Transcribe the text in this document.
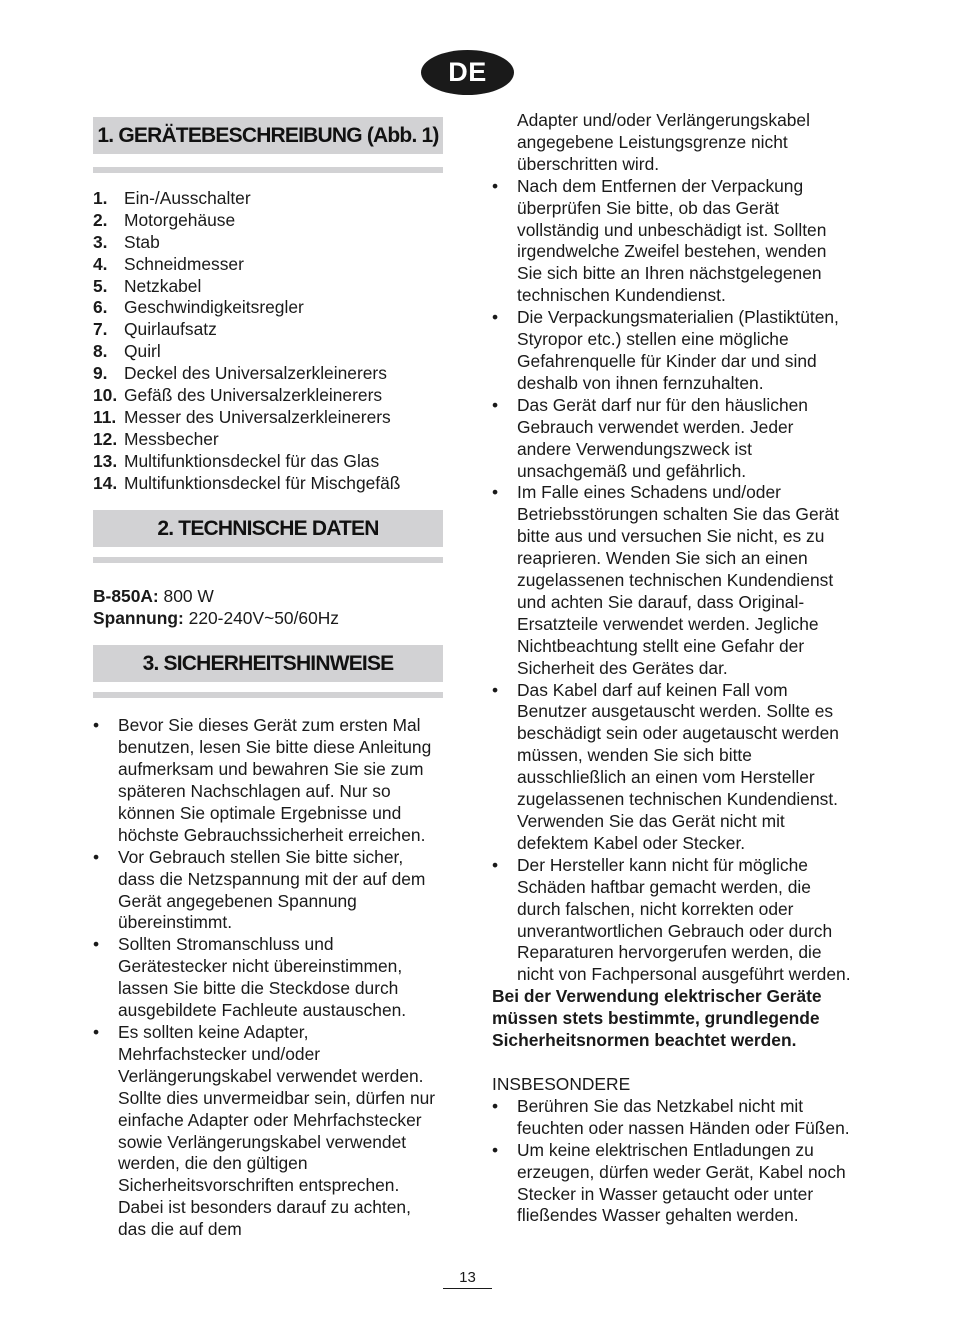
DE
1. GERÄTEBESCHREIBUNG (Abb. 1)
1. Ein-/Ausschalter
2. Motorgehäuse
3. Stab
4. Schneidmesser
5. Netzkabel
6. Geschwindigkeitsregler
7. Quirlaufsatz
8. Quirl
9. Deckel des Universalzerkleinerers
10. Gefäß des Universalzerkleinerers
11. Messer des Universalzerkleinerers
12. Messbecher
13. Multifunktionsdeckel für das Glas
14. Multifunktionsdeckel für Mischgefäß
2. TECHNISCHE DATEN

B-850A: 800 W

Spannung: 220-240V~50/60Hz

3. SICHERHEITSHINWEISE
• Bevor Sie dieses Gerät zum ersten Mal benutzen, lesen Sie bitte diese Anleitung aufmerksam und bewahren Sie sie zum späteren Nachschlagen auf. Nur so können Sie optimale Ergebnisse und höchste Gebrauchssicherheit erreichen.
• Vor Gebrauch stellen Sie bitte sicher, dass die Netzspannung mit der auf dem Gerät angegebenen Spannung übereinstimmt.
• Sollten Stromanschluss und Gerätestecker nicht übereinstimmen, lassen Sie bitte die Steckdose durch ausgebildete Fachleute austauschen.
• Es sollten keine Adapter, Mehrfachstecker und/oder Verlängerungskabel verwendet werden. Sollte dies unvermeidbar sein, dürfen nur einfache Adapter oder Mehrfachstecker sowie Verlängerungskabel verwendet werden, die den gültigen Sicherheitsvorschriften entsprechen. Dabei ist besonders darauf zu achten, das die auf dem
Adapter und/oder Verlängerungskabel angegebene Leistungsgrenze nicht überschritten wird.
• Nach dem Entfernen der Verpackung überprüfen Sie bitte, ob das Gerät vollständig und unbeschädigt ist. Sollten irgendwelche Zweifel bestehen, wenden Sie sich bitte an Ihren nächstgelegenen technischen Kundendienst.
• Die Verpackungsmaterialien (Plastiktüten, Styropor etc.) stellen eine mögliche Gefahrenquelle für Kinder dar und sind deshalb von ihnen fernzuhalten.
• Das Gerät darf nur für den häuslichen Gebrauch verwendet werden. Jeder andere Verwendungszweck ist unsachgemäß und gefährlich.
• Im Falle eines Schadens und/oder Betriebsstörungen schalten Sie das Gerät bitte aus und versuchen Sie nicht, es zu reaprieren. Wenden Sie sich an einen zugelassenen technischen Kundendienst und achten Sie darauf, dass Original-Ersatzteile verwendet werden. Jegliche Nichtbeachtung stellt eine Gefahr der Sicherheit des Gerätes dar.
• Das Kabel darf auf keinen Fall vom Benutzer ausgetauscht werden. Sollte es beschädigt sein oder augetauscht werden müssen, wenden Sie sich bitte ausschließlich an einen vom Hersteller zugelassenen technischen Kundendienst. Verwenden Sie das Gerät nicht mit defektem Kabel oder Stecker.
• Der Hersteller kann nicht für mögliche Schäden haftbar gemacht werden, die durch falschen, nicht korrekten oder unverantwortlichen Gebrauch oder durch Reparaturen hervorgerufen werden, die nicht von Fachpersonal ausgeführt werden.

Bei der Verwendung elektrischer Geräte müssen stets bestimmte, grundlegende Sicherheitsnormen beachtet werden.

INSBESONDERE

• Berühren Sie das Netzkabel nicht mit feuchten oder nassen Händen oder Füßen.
• Um keine elektrischen Entladungen zu erzeugen, dürfen weder Gerät, Kabel noch Stecker in Wasser getaucht oder unter fließendes Wasser gehalten werden.
13
